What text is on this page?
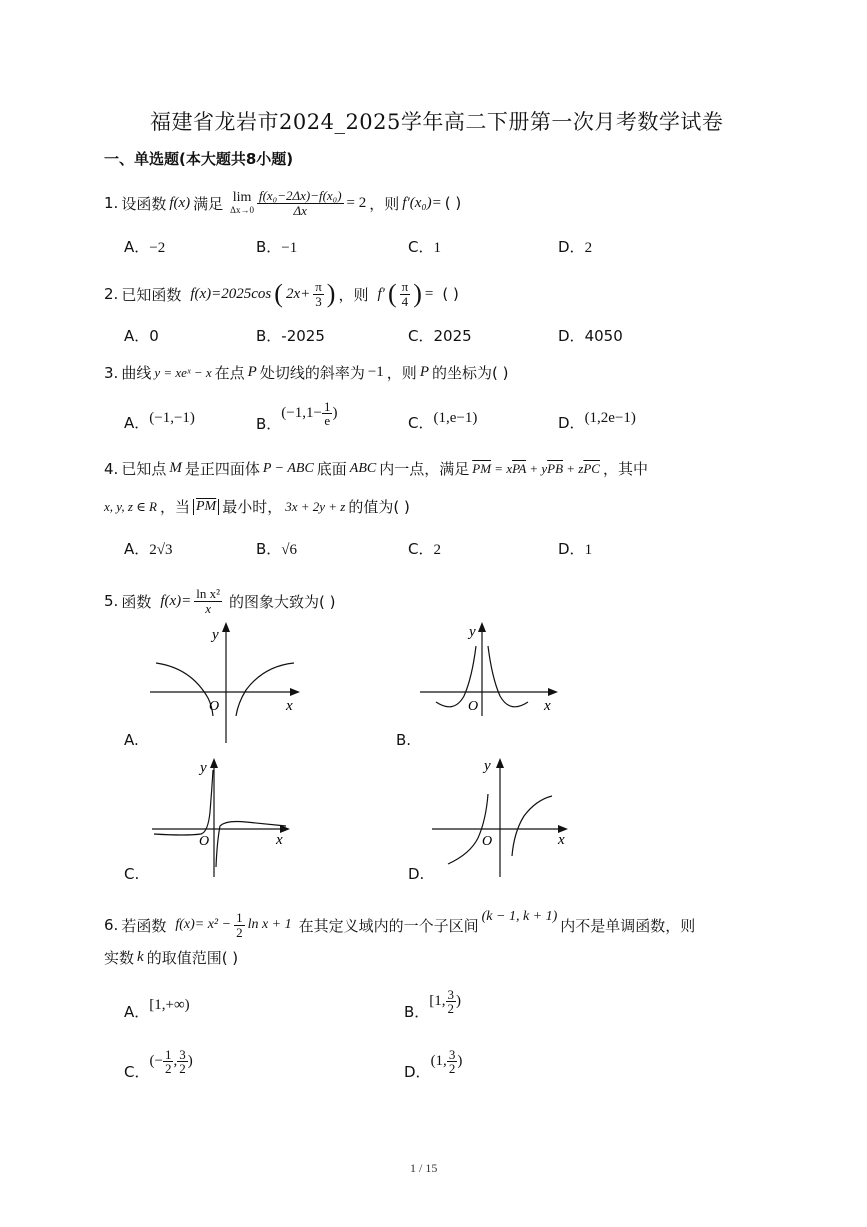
福建省龙岩市2024_2025学年高二下册第一次月考数学试卷
一、单选题(本大题共8小题)
1. 设函数 f(x) 满足 lim
$\Delta x\to 0 \frac{\text{f(x₀−2Δx)−f(x₀)}}{\Delta x} = 2$ ，则 f′(x₀)= ( )
A．−2	B．−1	C．1	D．2
2. 已知函数 f(x)=2025cos ( $2x+ \frac{\pi}{3}$ ) ，则 f′ ( $\frac{\pi}{4}$ ) = ( )
A．0	B．-2025	C．2025	D．4050
3. 曲线 y = xeˣ − x 在点 P 处切线的斜率为 −1 ，则 P 的坐标为( )
A． (−1,−1)	B．
($-1,1- \frac{1}{e}$ )
C． (1,e−1)	D． (1,2e−1)
4. 已知点 M 是正四面体 P − ABC 底面 ABC 内一点，满足 $\overline{PM} = x\overline{PA} + y\overline{PB} + z\overline{PC}$ ，其中
x, y, z ∈ R ，当 $\overline{PM}$ 最小时， 3x + 2y + z 的值为( )
A．2√3	B．√6	C．2	D．1
5. 函数 $f(x)= \frac{\text{ln x²}}{x}$ 的图象大致为( )
A.
y
x
O
B.
y
x
O
C.
y
x
O
D.
y
x
O
6. 若函数 $f(x)= x^2 - \frac{1}{2}$ ln x + 1 在其定义域内的一个子区间 (k − 1, k + 1) 内不是单调函数，则
实数 k 的取值范围( )
A． [1,+∞)	B．
[1, $\frac{3}{2}$ )
C．
(− $\frac{1}{2}$ , $\frac{3}{2}$ )
D．
(1, $\frac{3}{2}$ )
1 / 15
